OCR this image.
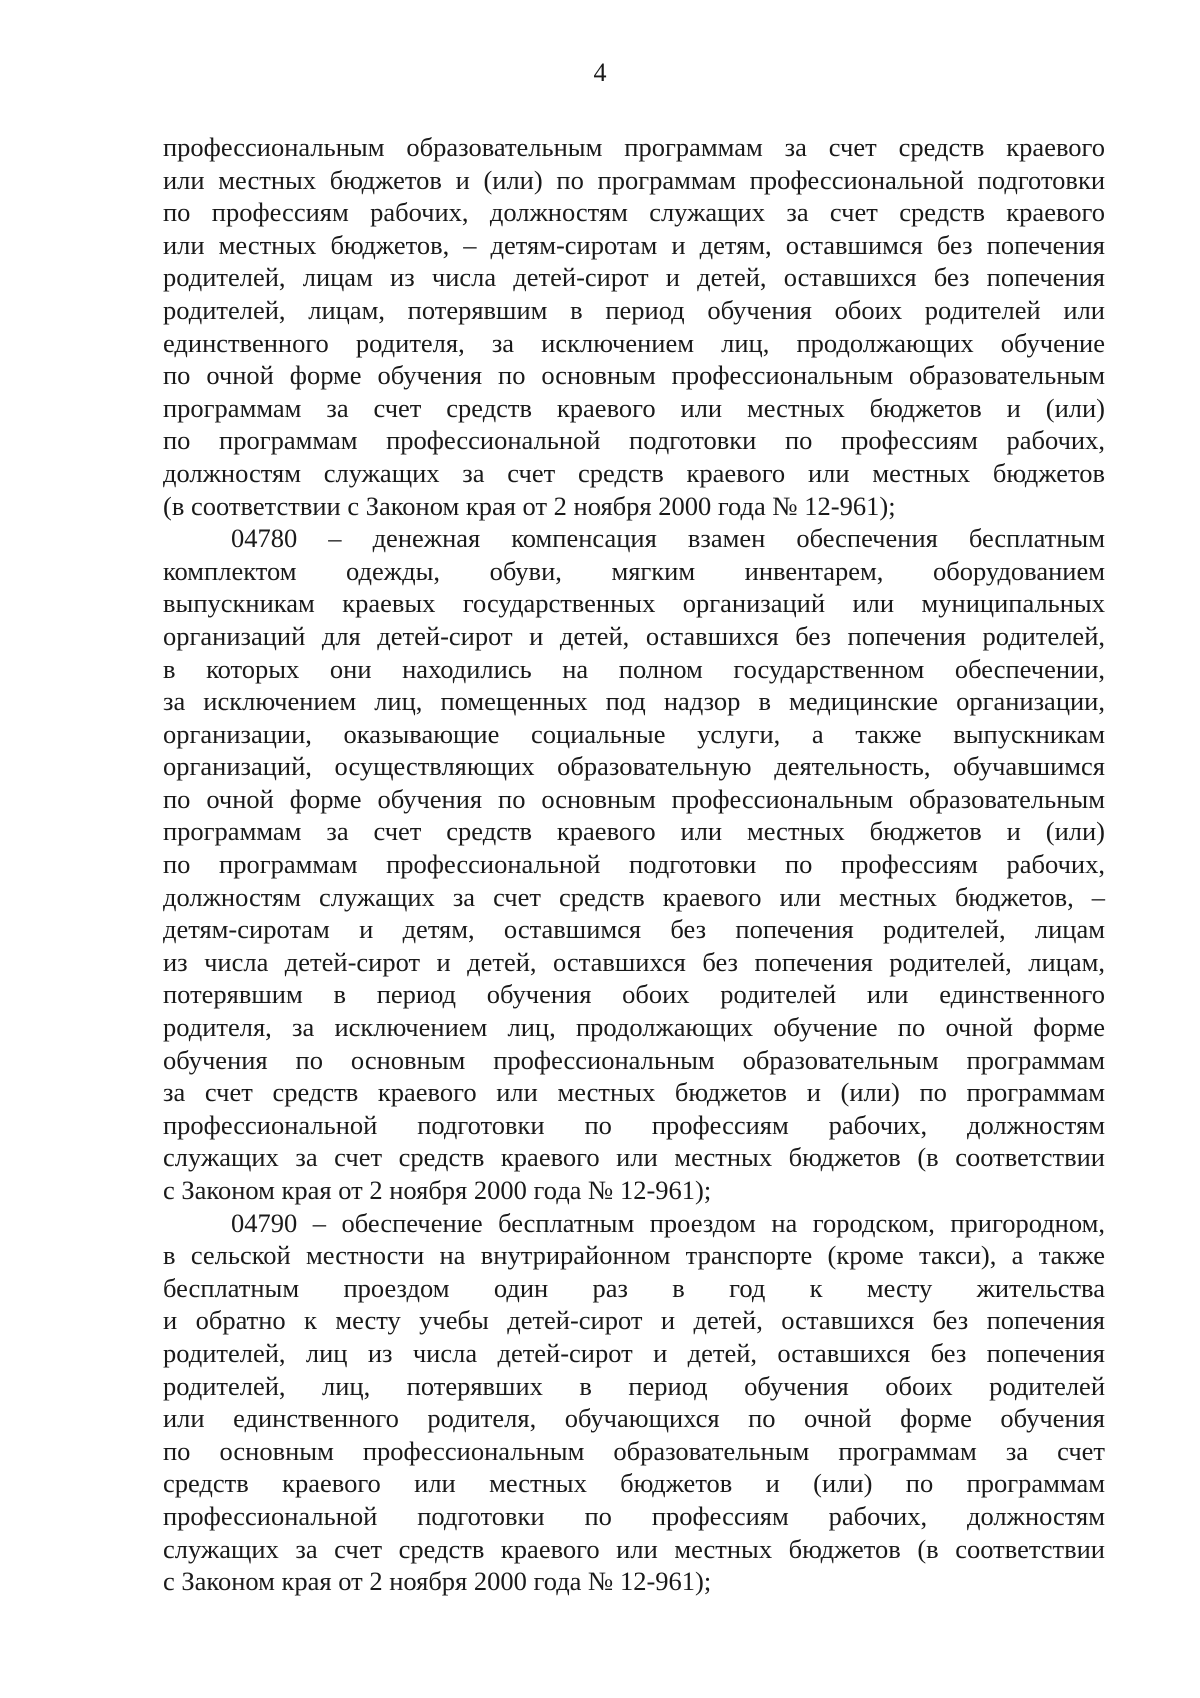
4
профессиональным образовательным программам за счет средств краевого
или местных бюджетов и (или) по программам профессиональной подготовки
по профессиям рабочих, должностям служащих за счет средств краевого
или местных бюджетов, – детям-сиротам и детям, оставшимся без попечения
родителей, лицам из числа детей-сирот и детей, оставшихся без попечения
родителей, лицам, потерявшим в период обучения обоих родителей или
единственного родителя, за исключением лиц, продолжающих обучение
по очной форме обучения по основным профессиональным образовательным
программам за счет средств краевого или местных бюджетов и (или)
по программам профессиональной подготовки по профессиям рабочих,
должностям служащих за счет средств краевого или местных бюджетов
(в соответствии с Законом края от 2 ноября 2000 года № 12-961);
04780 – денежная компенсация взамен обеспечения бесплатным
комплектом одежды, обуви, мягким инвентарем, оборудованием
выпускникам краевых государственных организаций или муниципальных
организаций для детей-сирот и детей, оставшихся без попечения родителей,
в которых они находились на полном государственном обеспечении,
за исключением лиц, помещенных под надзор в медицинские организации,
организации, оказывающие социальные услуги, а также выпускникам
организаций, осуществляющих образовательную деятельность, обучавшимся
по очной форме обучения по основным профессиональным образовательным
программам за счет средств краевого или местных бюджетов и (или)
по программам профессиональной подготовки по профессиям рабочих,
должностям служащих за счет средств краевого или местных бюджетов, –
детям-сиротам и детям, оставшимся без попечения родителей, лицам
из числа детей-сирот и детей, оставшихся без попечения родителей, лицам,
потерявшим в период обучения обоих родителей или единственного
родителя, за исключением лиц, продолжающих обучение по очной форме
обучения по основным профессиональным образовательным программам
за счет средств краевого или местных бюджетов и (или) по программам
профессиональной подготовки по профессиям рабочих, должностям
служащих за счет средств краевого или местных бюджетов (в соответствии
с Законом края от 2 ноября 2000 года № 12-961);
04790 – обеспечение бесплатным проездом на городском, пригородном,
в сельской местности на внутрирайонном транспорте (кроме такси), а также
бесплатным проездом один раз в год к месту жительства
и обратно к месту учебы детей-сирот и детей, оставшихся без попечения
родителей, лиц из числа детей-сирот и детей, оставшихся без попечения
родителей, лиц, потерявших в период обучения обоих родителей
или единственного родителя, обучающихся по очной форме обучения
по основным профессиональным образовательным программам за счет
средств краевого или местных бюджетов и (или) по программам
профессиональной подготовки по профессиям рабочих, должностям
служащих за счет средств краевого или местных бюджетов (в соответствии
с Законом края от 2 ноября 2000 года № 12-961);
